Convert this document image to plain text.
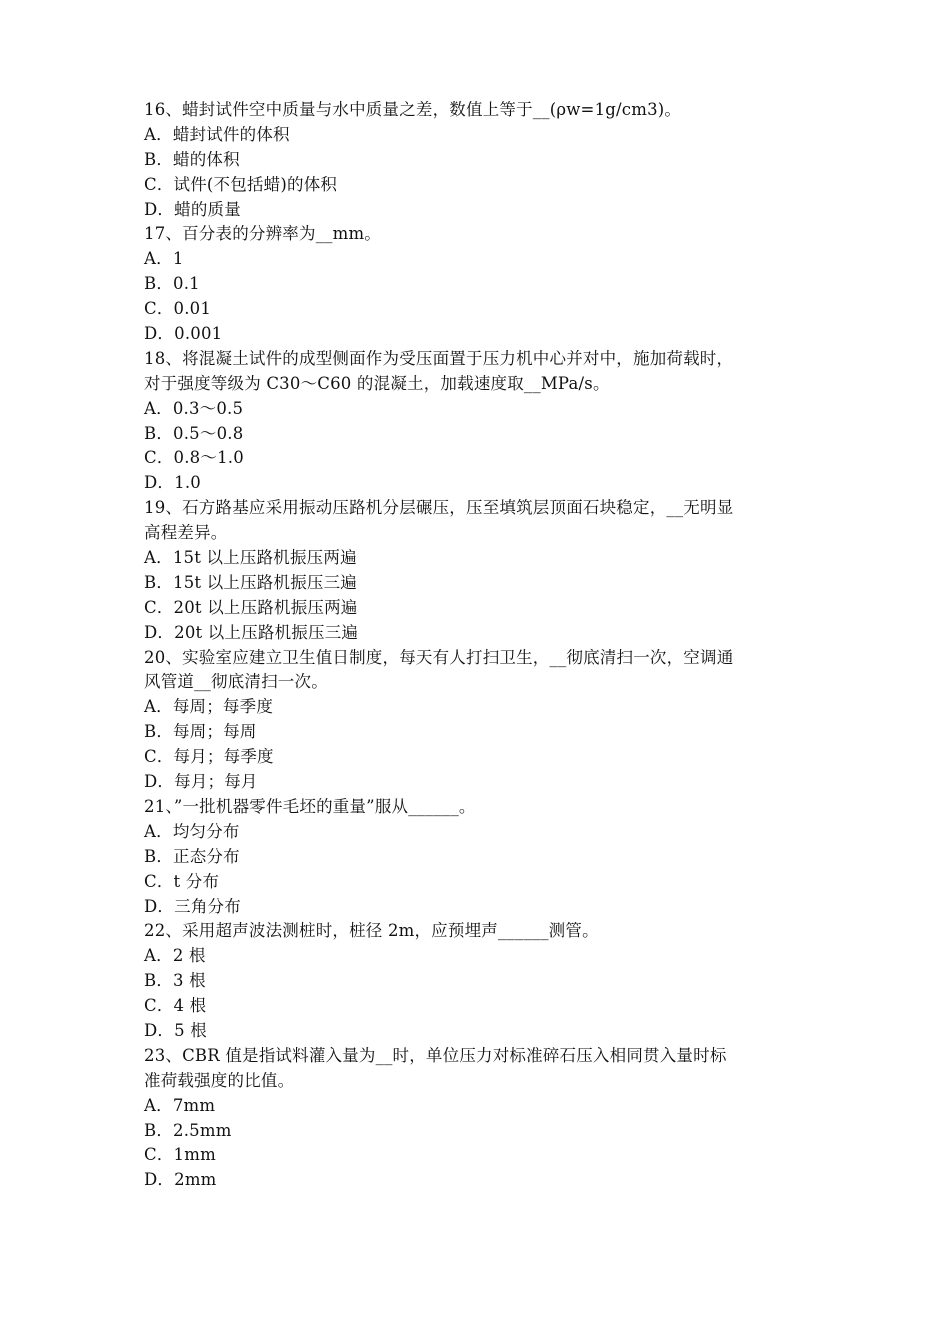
16、蜡封试件空中质量与水中质量之差，数值上等于__(ρw=1g/cm3)。
A．蜡封试件的体积
B．蜡的体积
C．试件(不包括蜡)的体积
D．蜡的质量
17、百分表的分辨率为__mm。
A．1
B．0.1
C．0.01
D．0.001
18、将混凝土试件的成型侧面作为受压面置于压力机中心并对中，施加荷载时，
对于强度等级为 C30～C60 的混凝土，加载速度取__MPa/s。
A．0.3～0.5
B．0.5～0.8
C．0.8～1.0
D．1.0
19、石方路基应采用振动压路机分层碾压，压至填筑层顶面石块稳定，__无明显
高程差异。
A．15t 以上压路机振压两遍
B．15t 以上压路机振压三遍
C．20t 以上压路机振压两遍
D．20t 以上压路机振压三遍
20、实验室应建立卫生值日制度，每天有人打扫卫生，__彻底清扫一次，空调通
风管道__彻底清扫一次。
A．每周；每季度
B．每周；每周
C．每月；每季度
D．每月；每月
21、”一批机器零件毛坯的重量”服从______。
A．均匀分布
B．正态分布
C．t 分布
D．三角分布
22、采用超声波法测桩时，桩径 2m，应预埋声______测管。
A．2 根
B．3 根
C．4 根
D．5 根
23、CBR 值是指试料灌入量为__时，单位压力对标准碎石压入相同贯入量时标
准荷载强度的比值。
A．7mm
B．2.5mm
C．1mm
D．2mm
